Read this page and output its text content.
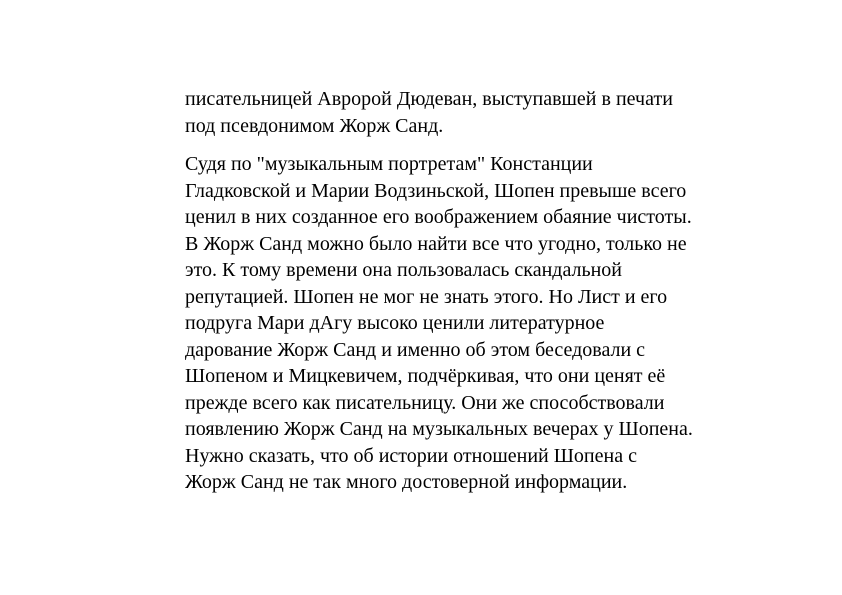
писательницей Авророй Дюдеван, выступавшей в печати
под псевдонимом Жорж Санд.
Судя по "музыкальным портретам" Констанции
Гладковской и Марии Водзиньской, Шопен превыше всего
ценил в них созданное его воображением обаяние чистоты.
В Жорж Санд можно было найти все что угодно, только не
это. К тому времени она пользовалась скандальной
репутацией. Шопен не мог не знать этого. Но Лист и его
подруга Мари дАгу высоко ценили литературное
дарование Жорж Санд и именно об этом беседовали с
Шопеном и Мицкевичем, подчёркивая, что они ценят её
прежде всего как писательницу. Они же способствовали
появлению Жорж Санд на музыкальных вечерах у Шопена.
Нужно сказать, что об истории отношений Шопена с
Жорж Санд не так много достоверной информации.
